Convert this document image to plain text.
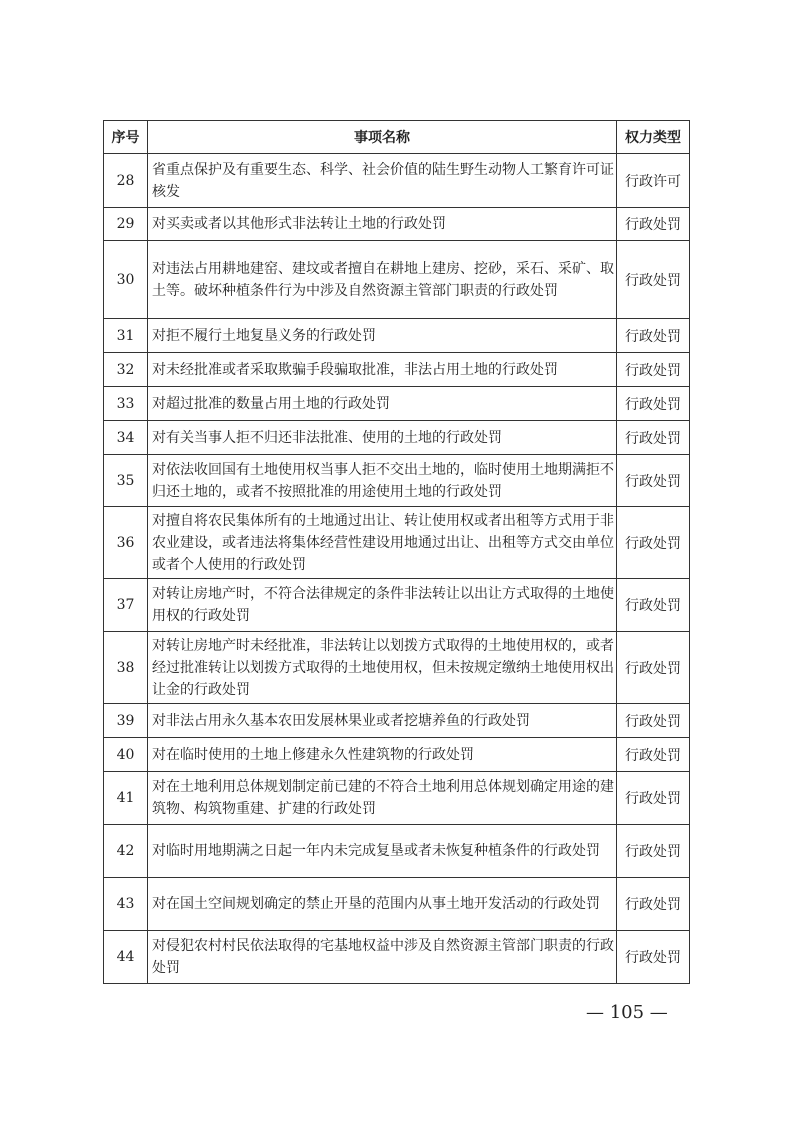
序号	事项名称	权力类型
28	省重点保护及有重要生态、科学、社会价值的陆生野生动物人工繁育许可证核发	行政许可
29	对买卖或者以其他形式非法转让土地的行政处罚	行政处罚
30	对违法占用耕地建窑、建坟或者擅自在耕地上建房、挖砂，采石、采矿、取土等。破坏种植条件行为中涉及自然资源主管部门职责的行政处罚	行政处罚
31	对拒不履行土地复垦义务的行政处罚	行政处罚
32	对未经批准或者采取欺骗手段骗取批准，非法占用土地的行政处罚	行政处罚
33	对超过批准的数量占用土地的行政处罚	行政处罚
34	对有关当事人拒不归还非法批准、使用的土地的行政处罚	行政处罚
35	对依法收回国有土地使用权当事人拒不交出土地的，临时使用土地期满拒不归还土地的，或者不按照批准的用途使用土地的行政处罚	行政处罚
36	对擅自将农民集体所有的土地通过出让、转让使用权或者出租等方式用于非农业建设，或者违法将集体经营性建设用地通过出让、出租等方式交由单位或者个人使用的行政处罚	行政处罚
37	对转让房地产时，不符合法律规定的条件非法转让以出让方式取得的土地使用权的行政处罚	行政处罚
38	对转让房地产时未经批准，非法转让以划拨方式取得的土地使用权的，或者经过批准转让以划拨方式取得的土地使用权，但未按规定缴纳土地使用权出让金的行政处罚	行政处罚
39	对非法占用永久基本农田发展林果业或者挖塘养鱼的行政处罚	行政处罚
40	对在临时使用的土地上修建永久性建筑物的行政处罚	行政处罚
41	对在土地利用总体规划制定前已建的不符合土地利用总体规划确定用途的建筑物、构筑物重建、扩建的行政处罚	行政处罚
42	对临时用地期满之日起一年内未完成复垦或者未恢复种植条件的行政处罚	行政处罚
43	对在国土空间规划确定的禁止开垦的范围内从事土地开发活动的行政处罚	行政处罚
44	对侵犯农村村民依法取得的宅基地权益中涉及自然资源主管部门职责的行政处罚	行政处罚
— 105 —
